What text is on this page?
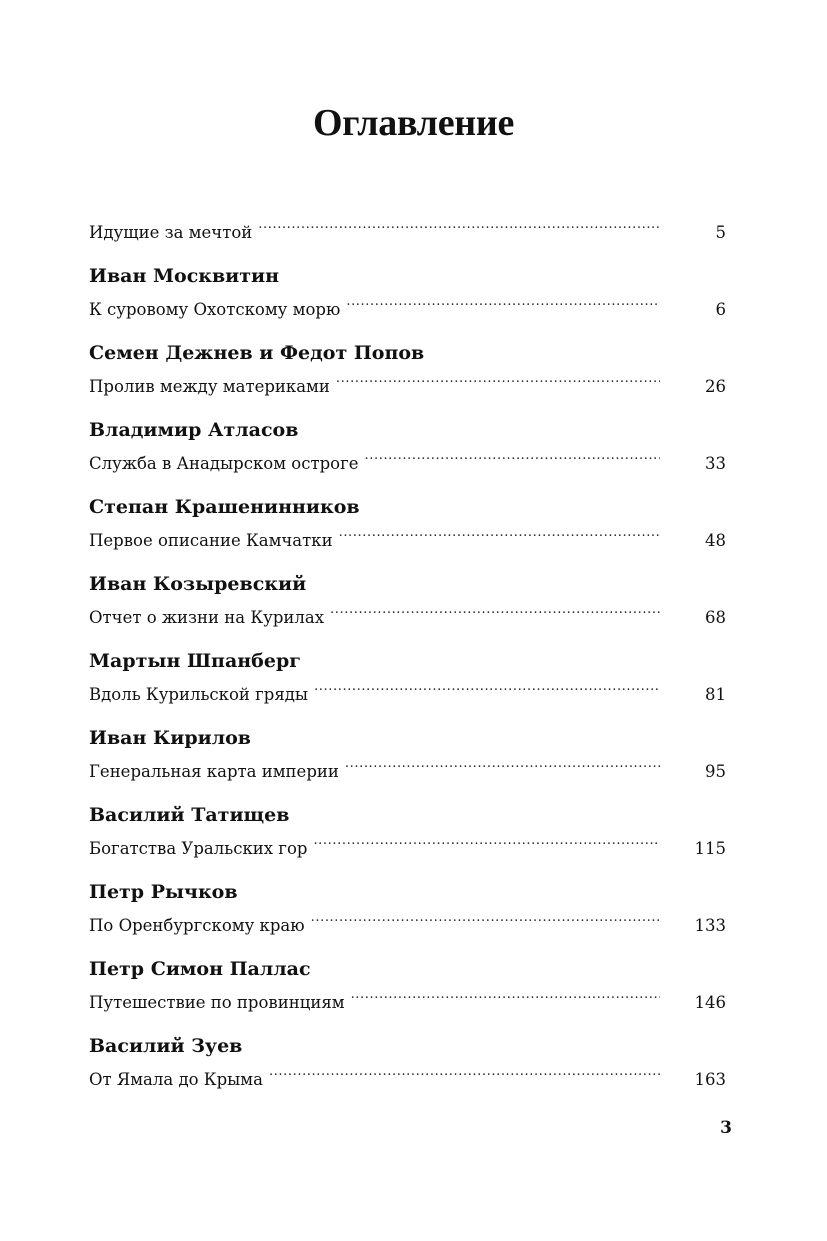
Оглавление
Идущие за мечтой .....	5
Иван Москвитин
К суровому Охотскому морю .....	6
Семен Дежнев и Федот Попов
Пролив между материками .....	26
Владимир Атласов
Служба в Анадырском остроге .....	33
Степан Крашенинников
Первое описание Камчатки .....	48
Иван Козыревский
Отчет о жизни на Курилах .....	68
Мартын Шпанберг
Вдоль Курильской гряды .....	81
Иван Кирилов
Генеральная карта империи .....	95
Василий Татищев
Богатства Уральских гор .....	115
Петр Рычков
По Оренбургскому краю .....	133
Петр Симон Паллас
Путешествие по провинциям .....	146
Василий Зуев
От Ямала до Крыма .....	163
3
